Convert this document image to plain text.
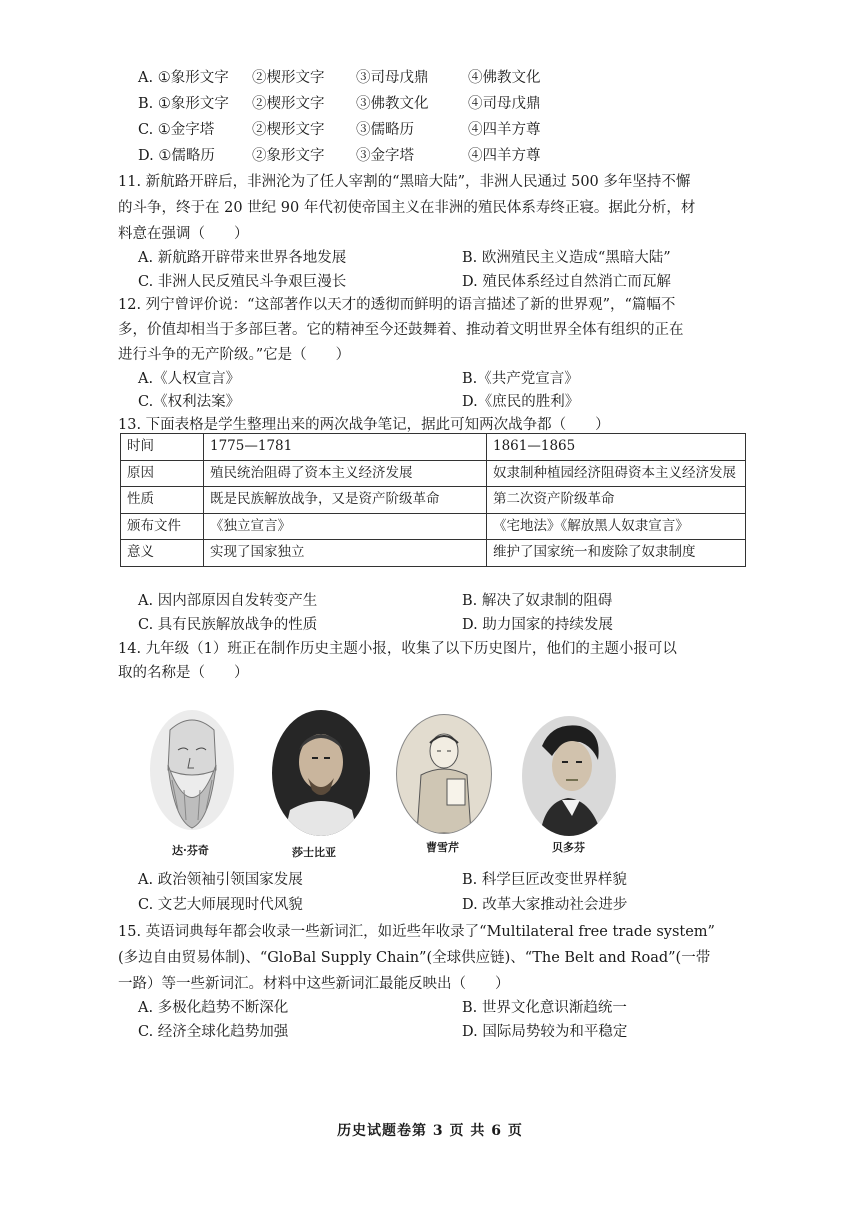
A. ①象形文字 ②楔形文字 ③司母戊鼎	④佛教文化
B. ①象形文字 ②楔形文字 ③佛教文化	④司母戊鼎
C. ①金字塔	②楔形文字 ③儒略历	④四羊方尊
D. ①儒略历	②象形文字 ③金字塔	④四羊方尊
11. 新航路开辟后，非洲沦为了任人宰割的“黑暗大陆”，非洲人民通过 500 多年坚持不懈
的斗争，终于在 20 世纪 90 年代初使帝国主义在非洲的殖民体系寿终正寝。据此分析，材
料意在强调（　　）
A. 新航路开辟带来世界各地发展	B. 欧洲殖民主义造成“黑暗大陆”
C. 非洲人民反殖民斗争艰巨漫长	D. 殖民体系经过自然消亡而瓦解
12. 列宁曾评价说：“这部著作以天才的透彻而鲜明的语言描述了新的世界观”，“篇幅不
多，价值却相当于多部巨著。它的精神至今还鼓舞着、推动着文明世界全体有组织的正在
进行斗争的无产阶级。”它是（　　）
A.《人权宣言》	B.《共产党宣言》
C.《权利法案》	D.《庶民的胜利》
13. 下面表格是学生整理出来的两次战争笔记，据此可知两次战争都（　　）
时间	1775—1781	1861—1865
原因	殖民统治阻碍了资本主义经济发展	奴隶制种植园经济阻碍资本主义经济发展
性质	既是民族解放战争，又是资产阶级革命	第二次资产阶级革命
颁布文件	《独立宣言》	《宅地法》《解放黑人奴隶宣言》
意义	实现了国家独立	维护了国家统一和废除了奴隶制度
A. 因内部原因自发转变产生	B. 解决了奴隶制的阻碍
C. 具有民族解放战争的性质	D. 助力国家的持续发展
14. 九年级（1）班正在制作历史主题小报，收集了以下历史图片，他们的主题小报可以
取的名称是（　　）
达·芬奇	莎士比亚	曹雪芹	贝多芬
A. 政治领袖引领国家发展	B. 科学巨匠改变世界样貌
C. 文艺大师展现时代风貌	D. 改革大家推动社会进步
15. 英语词典每年都会收录一些新词汇，如近些年收录了“Multilateral free trade system”
(多边自由贸易体制)、“GloBal Supply Chain”(全球供应链)、“The Belt and Road”(一带
一路）等一些新词汇。材料中这些新词汇最能反映出（　　）
A. 多极化趋势不断深化	B. 世界文化意识渐趋统一
C. 经济全球化趋势加强	D. 国际局势较为和平稳定
历史试题卷第 3 页 共 6 页
